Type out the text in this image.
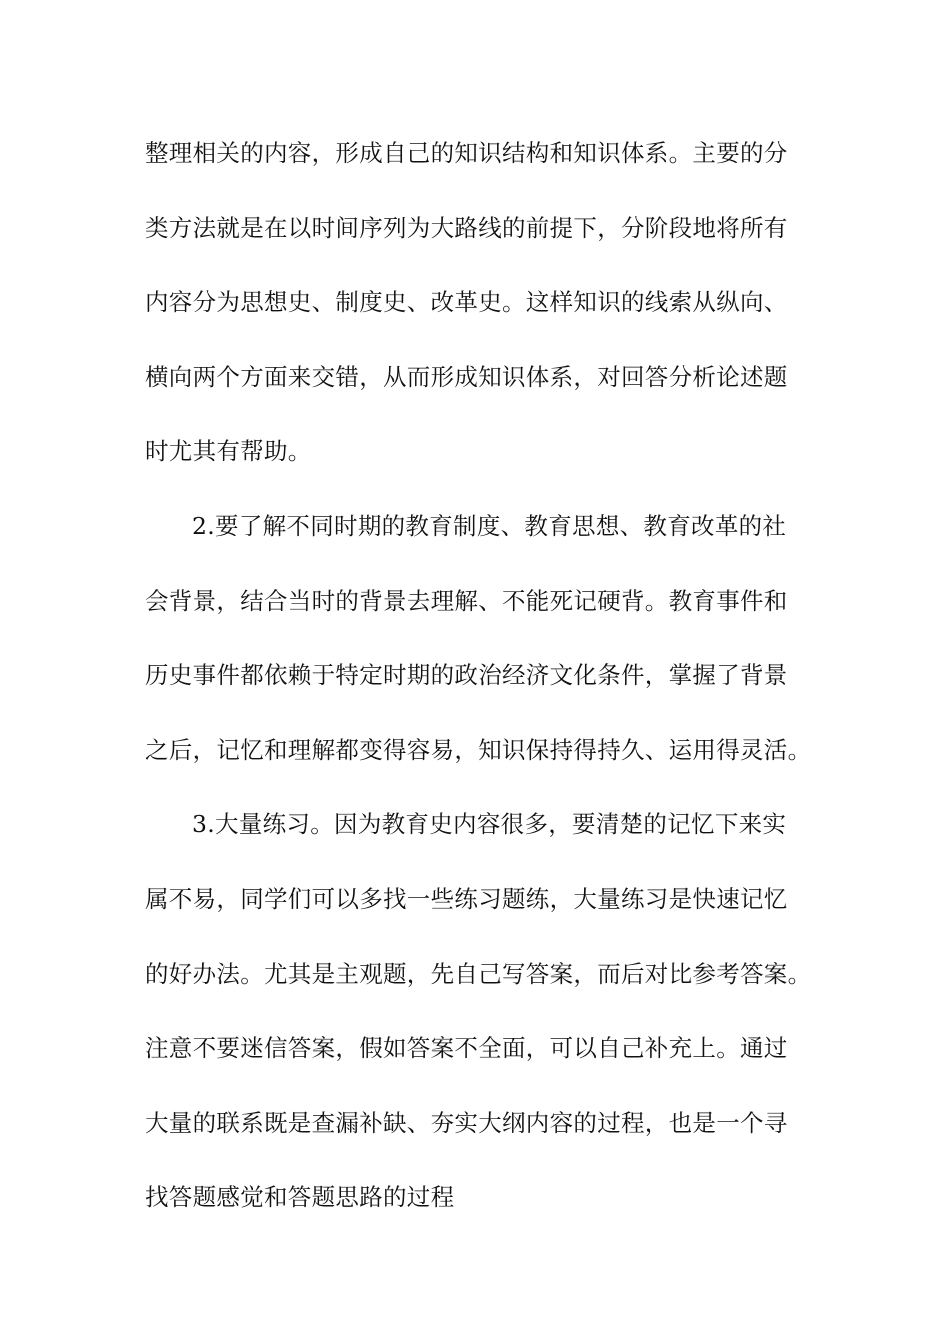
整理相关的内容，形成自己的知识结构和知识体系。主要的分
类方法就是在以时间序列为大路线的前提下，分阶段地将所有
内容分为思想史、制度史、改革史。这样知识的线索从纵向、
横向两个方面来交错，从而形成知识体系，对回答分析论述题
时尤其有帮助。
2.要了解不同时期的教育制度、教育思想、教育改革的社
会背景，结合当时的背景去理解、不能死记硬背。教育事件和
历史事件都依赖于特定时期的政治经济文化条件，掌握了背景
之后，记忆和理解都变得容易，知识保持得持久、运用得灵活。
3.大量练习。因为教育史内容很多，要清楚的记忆下来实
属不易，同学们可以多找一些练习题练，大量练习是快速记忆
的好办法。尤其是主观题，先自己写答案，而后对比参考答案。
注意不要迷信答案，假如答案不全面，可以自己补充上。通过
大量的联系既是查漏补缺、夯实大纲内容的过程，也是一个寻
找答题感觉和答题思路的过程
